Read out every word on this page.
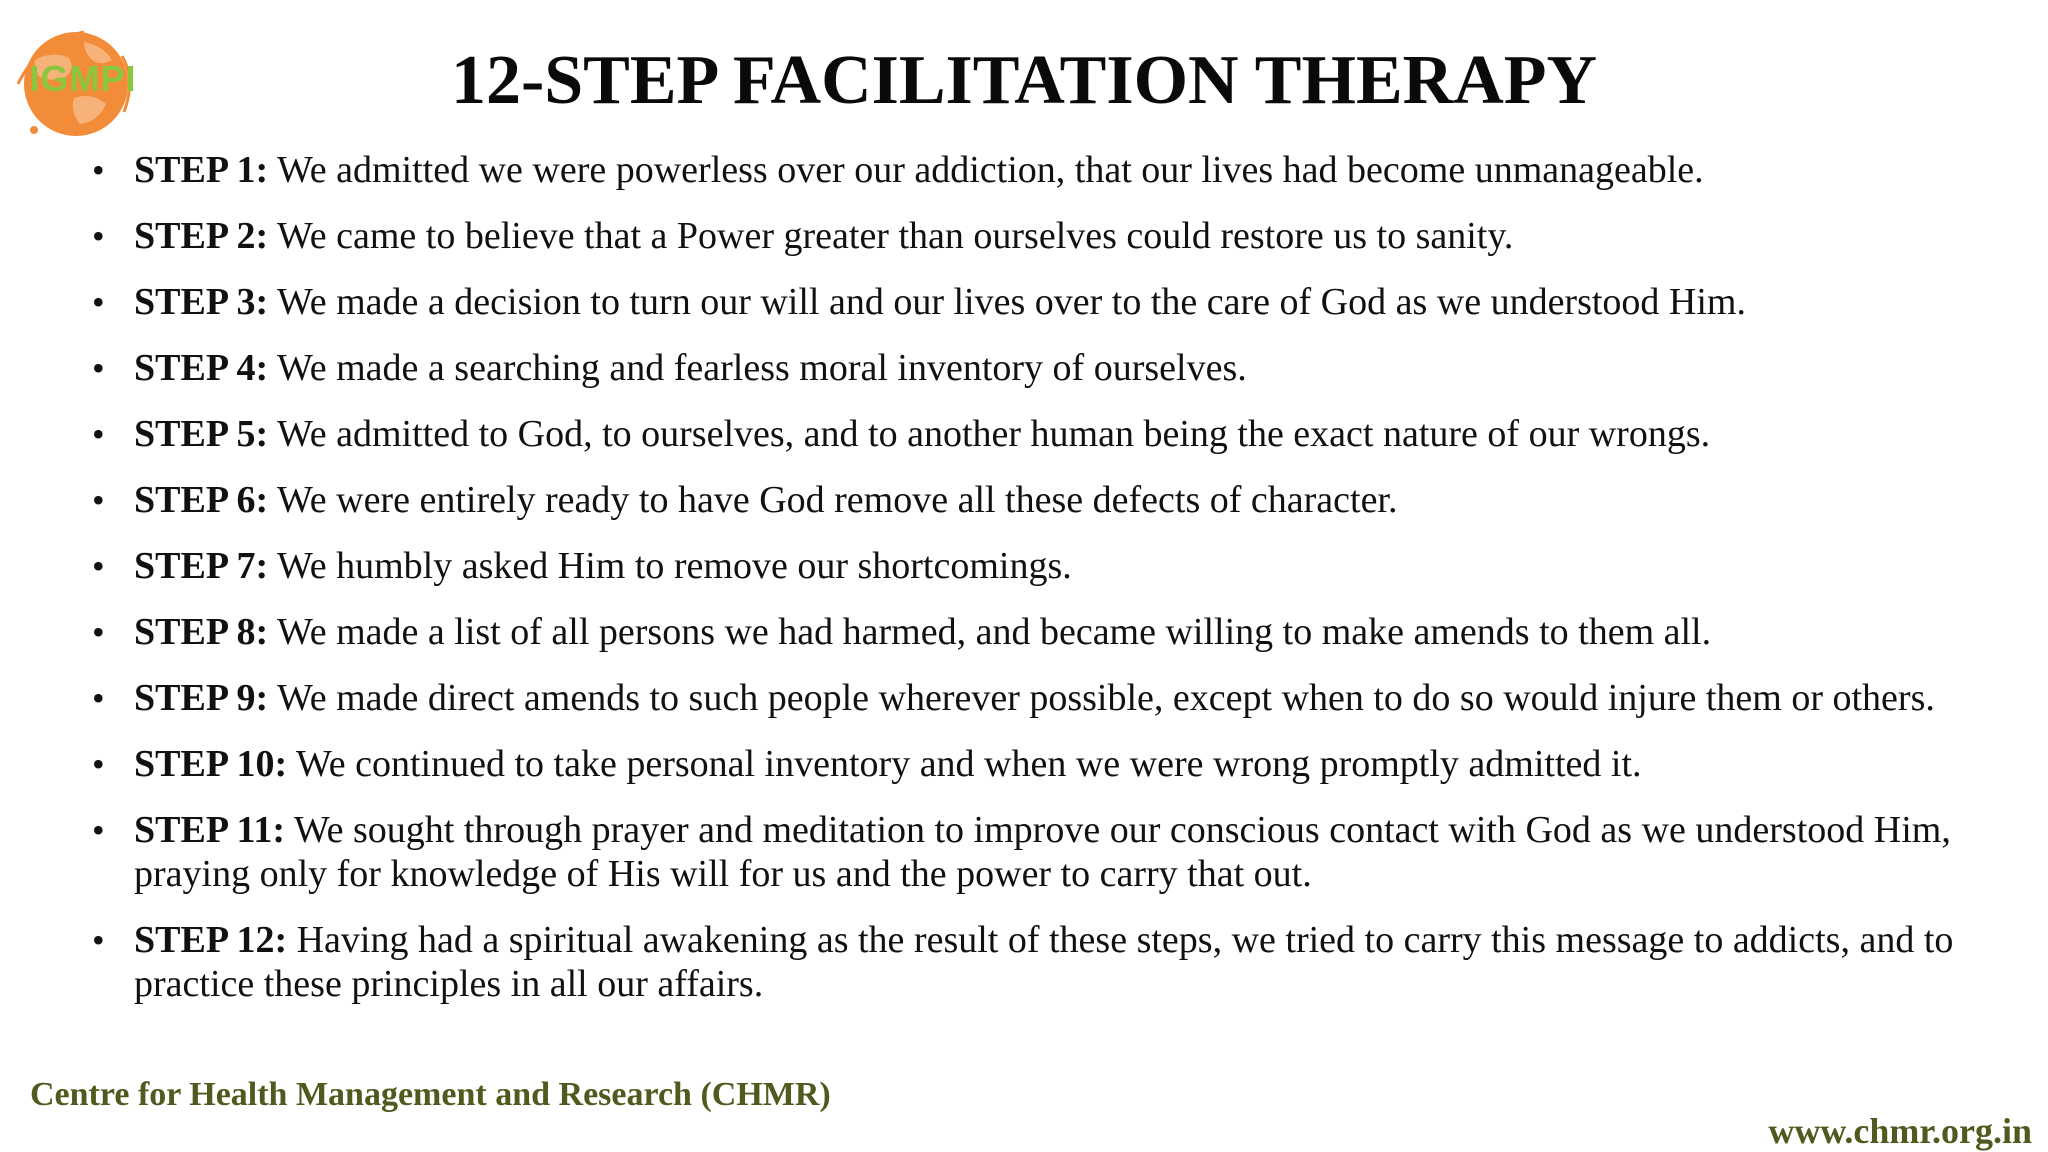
IGMPI	12-STEP FACILITATION THERAPY
• STEP 1: We admitted we were powerless over our addiction, that our lives had become unmanageable.
• STEP 2: We came to believe that a Power greater than ourselves could restore us to sanity.
• STEP 3: We made a decision to turn our will and our lives over to the care of God as we understood Him.
• STEP 4: We made a searching and fearless moral inventory of ourselves.
• STEP 5: We admitted to God, to ourselves, and to another human being the exact nature of our wrongs.
• STEP 6: We were entirely ready to have God remove all these defects of character.
• STEP 7: We humbly asked Him to remove our shortcomings.
• STEP 8: We made a list of all persons we had harmed, and became willing to make amends to them all.
• STEP 9: We made direct amends to such people wherever possible, except when to do so would injure them or others.
• STEP 10: We continued to take personal inventory and when we were wrong promptly admitted it.
• STEP 11: We sought through prayer and meditation to improve our conscious contact with God as we understood Him, praying only for knowledge of His will for us and the power to carry that out.
• STEP 12: Having had a spiritual awakening as the result of these steps, we tried to carry this message to addicts, and to practice these principles in all our affairs.
Centre for Health Management and Research (CHMR)
www.chmr.org.in
